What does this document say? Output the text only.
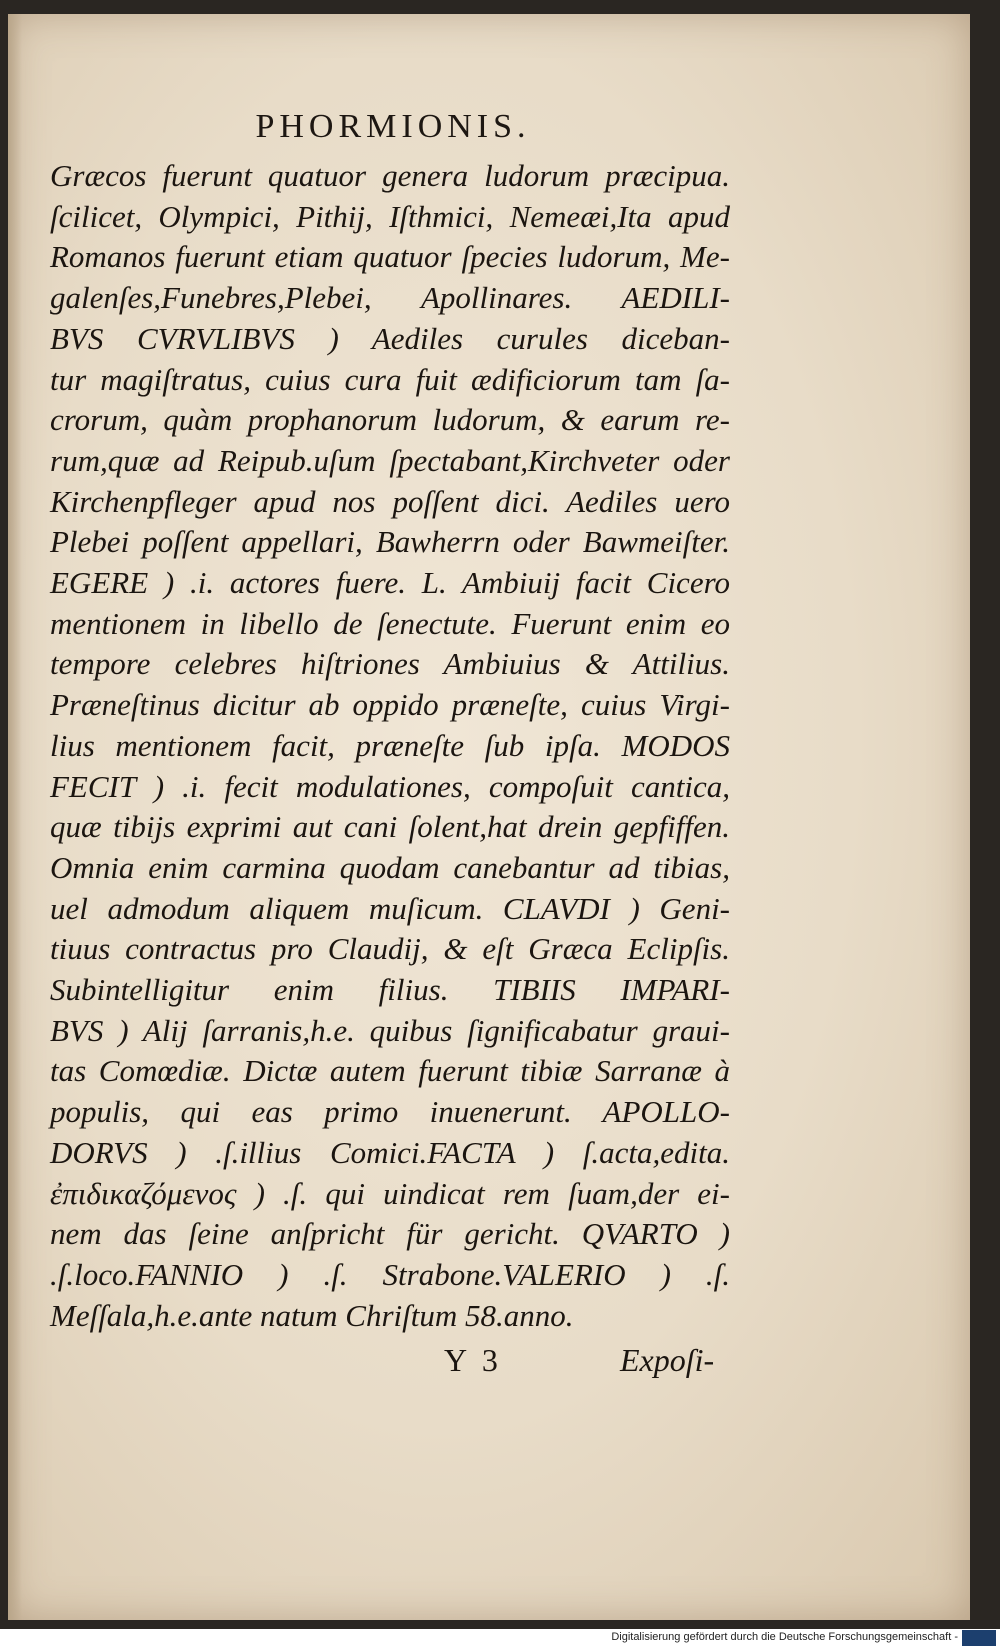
PHORMIONIS.
Græcos fuerunt quatuor genera ludorum præcipua.
ſcilicet, Olympici, Pithij, Iſthmici, Nemeæi,Ita apud
Romanos fuerunt etiam quatuor ſpecies ludorum, Me-
galenſes,Funebres,Plebei, Apollinares. AEDILI-
BVS CVRVLIBVS ) Aediles curules diceban-
tur magiſtratus, cuius cura fuit ædificiorum tam ſa-
crorum, quàm prophanorum ludorum, & earum re-
rum,quæ ad Reipub.uſum ſpectabant,Kirchveter oder
Kirchenpfleger apud nos poſſent dici. Aediles uero
Plebei poſſent appellari, Bawherrn oder Bawmeiſter.
EGERE ) .i. actores fuere. L. Ambiuij facit Cicero
mentionem in libello de ſenectute. Fuerunt enim eo
tempore celebres hiſtriones Ambiuius & Attilius.
Præneſtinus dicitur ab oppido præneſte, cuius Virgi-
lius mentionem facit, præneſte ſub ipſa. MODOS
FECIT ) .i. fecit modulationes, compoſuit cantica,
quæ tibijs exprimi aut cani ſolent,hat drein gepfiffen.
Omnia enim carmina quodam canebantur ad tibias,
uel admodum aliquem muſicum. CLAVDI ) Geni-
tiuus contractus pro Claudij, & eſt Græca Eclipſis.
Subintelligitur enim filius. TIBIIS IMPARI-
BVS ) Alij ſarranis,h.e. quibus ſignificabatur graui-
tas Comœdiæ. Dictæ autem fuerunt tibiæ Sarranæ à
populis, qui eas primo inuenerunt. APOLLO-
DORVS ) .ſ.illius Comici.FACTA ) ſ.acta,edita.
ἐπιδικαζόμενος ) .ſ. qui uindicat rem ſuam,der ei-
nem das ſeine anſpricht für gericht. QVARTO )
.ſ.loco.FANNIO ) .ſ. Strabone.VALERIO ) .ſ.
Meſſala,h.e.ante natum Chriſtum 58.anno.
Y 3	Expoſi-
Digitalisierung gefördert durch die Deutsche Forschungsgemeinschaft -
